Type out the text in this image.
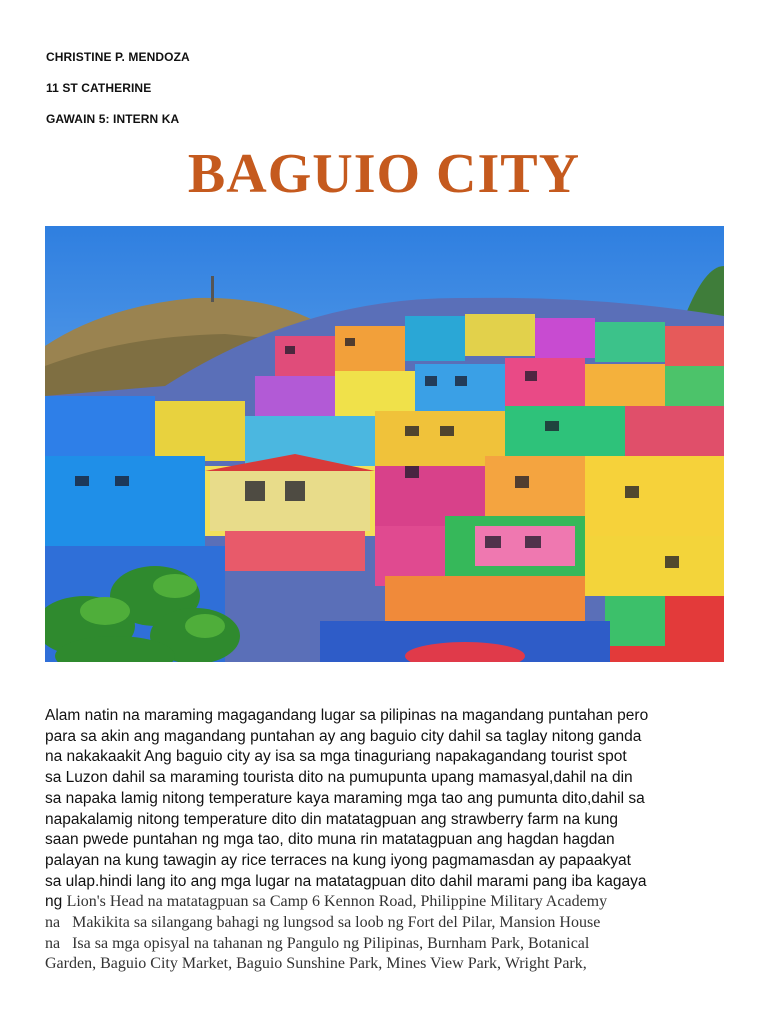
CHRISTINE P. MENDOZA
11 ST CATHERINE
GAWAIN 5: INTERN KA
BAGUIO CITY
Alam natin na maraming magagandang lugar sa pilipinas na magandang puntahan pero
para sa akin ang magandang puntahan ay ang baguio city dahil sa taglay nitong ganda
na nakakaakit Ang baguio city ay isa sa mga tinaguriang napakagandang tourist spot
sa Luzon dahil sa maraming tourista dito na pumupunta upang mamasyal,dahil na din
sa napaka lamig nitong temperature kaya maraming mga tao ang pumunta dito,dahil sa
napakalamig nitong temperature dito din matatagpuan ang strawberry farm na kung
saan pwede puntahan ng mga tao, dito muna rin matatagpuan ang hagdan hagdan
palayan na kung tawagin ay rice terraces na kung iyong pagmamasdan ay papaakyat
sa ulap.hindi lang ito ang mga lugar na matatagpuan dito dahil marami pang iba kagaya
ng Lion's Head na matatagpuan sa Camp 6 Kennon Road, Philippine Military Academy
na   Makikita sa silangang bahagi ng lungsod sa loob ng Fort del Pilar, Mansion House
na   Isa sa mga opisyal na tahanan ng Pangulo ng Pilipinas, Burnham Park, Botanical
Garden, Baguio City Market, Baguio Sunshine Park, Mines View Park, Wright Park,
